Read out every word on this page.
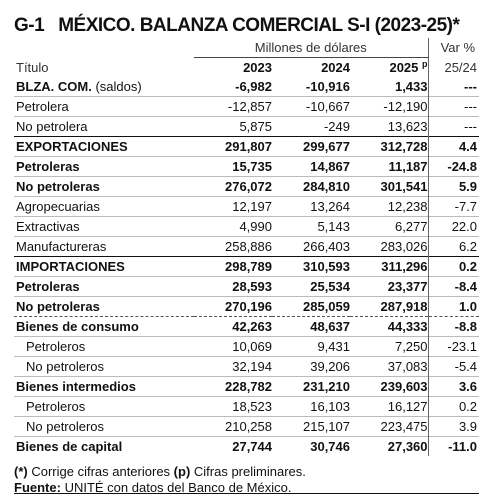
G-1 MÉXICO. BALANZA COMERCIAL S-I (2023-25)*
	Millones de dólares			Var %
Título	2023	2024	2025 $^p$	25/24
BLZA. COM. (saldos)	-6,982	-10,916	1,433	---
Petrolera	-12,857	-10,667	-12,190	---
No petrolera	5,875	-249	13,623	---
EXPORTACIONES	291,807	299,677	312,728	4.4
Petroleras	15,735	14,867	11,187	-24.8
No petroleras	276,072	284,810	301,541	5.9
Agropecuarias	12,197	13,264	12,238	-7.7
Extractivas	4,990	5,143	6,277	22.0
Manufactureras	258,886	266,403	283,026	6.2
IMPORTACIONES	298,789	310,593	311,296	0.2
Petroleras	28,593	25,534	23,377	-8.4
No petroleras	270,196	285,059	287,918	1.0
Bienes de consumo	42,263	48,637	44,333	-8.8
Petroleros	10,069	9,431	7,250	-23.1
No petroleros	32,194	39,206	37,083	-5.4
Bienes intermedios	228,782	231,210	239,603	3.6
Petroleros	18,523	16,103	16,127	0.2
No petroleros	210,258	215,107	223,475	3.9
Bienes de capital	27,744	30,746	27,360	-11.0
(*) Corrige cifras anteriores (p) Cifras preliminares.
Fuente: UNITÉ con datos del Banco de México.
